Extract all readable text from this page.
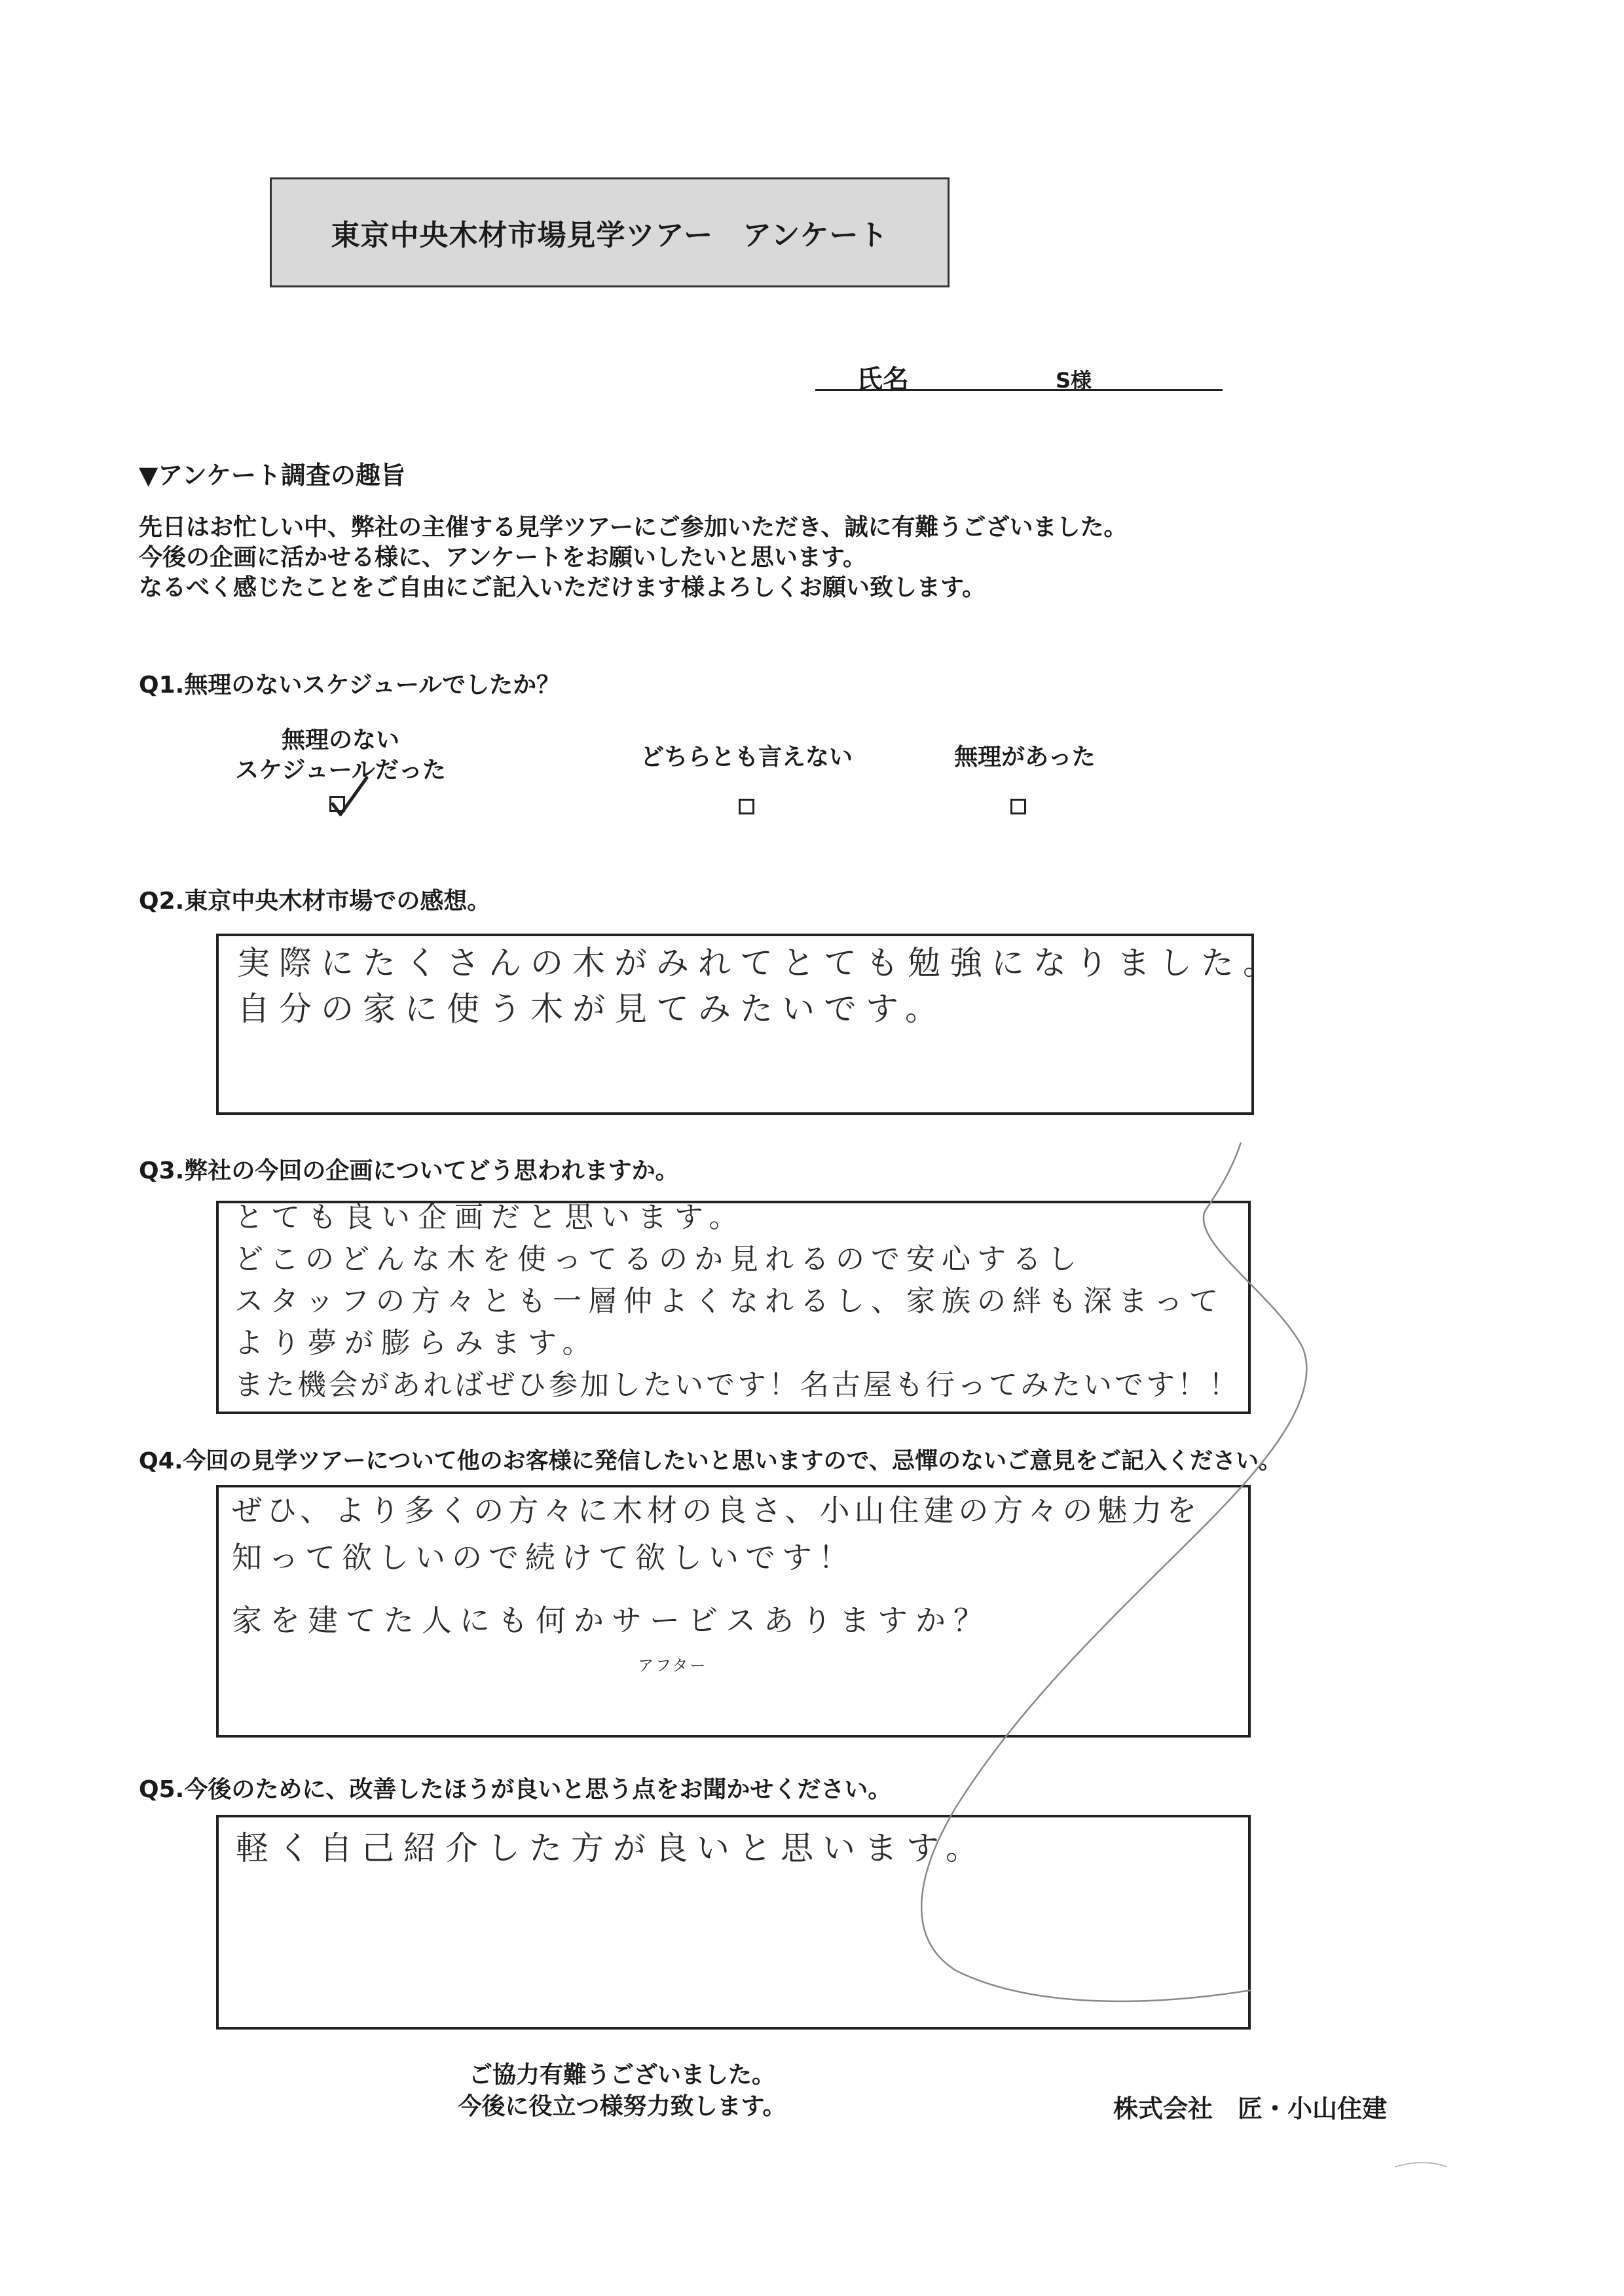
東京中央木材市場見学ツアー　アンケート
氏名	S様
▼アンケート調査の趣旨
先日はお忙しい中、弊社の主催する見学ツアーにご参加いただき、誠に有難うございました。
今後の企画に活かせる様に、アンケートをお願いしたいと思います。
なるべく感じたことをご自由にご記入いただけます様よろしくお願い致します。
Q1.無理のないスケジュールでしたか？
無理のない
スケジュールだった	どちらとも言えない	無理があった
Q2.東京中央木材市場での感想。
実際にたくさんの木がみれてとても勉強になりました。
自分の家に使う木が見てみたいです。
Q3.弊社の今回の企画についてどう思われますか。
とても良い企画だと思います。
どこのどんな木を使ってるのか見れるので安心するし
スタッフの方々とも一層仲よくなれるし、家族の絆も深まって
より夢が膨らみます。
また機会があればぜひ参加したいです！名古屋も行ってみたいです！！
Q4.今回の見学ツアーについて他のお客様に発信したいと思いますので、忌憚のないご意見をご記入ください。
ぜひ、より多くの方々に木材の良さ、小山住建の方々の魅力を
知って欲しいので続けて欲しいです！
家を建てた人にも何かサービスありますか？
アフター
Q5.今後のために、改善したほうが良いと思う点をお聞かせください。
軽く自己紹介した方が良いと思います。
ご協力有難うございました。
今後に役立つ様努力致します。	株式会社　匠・小山住建
